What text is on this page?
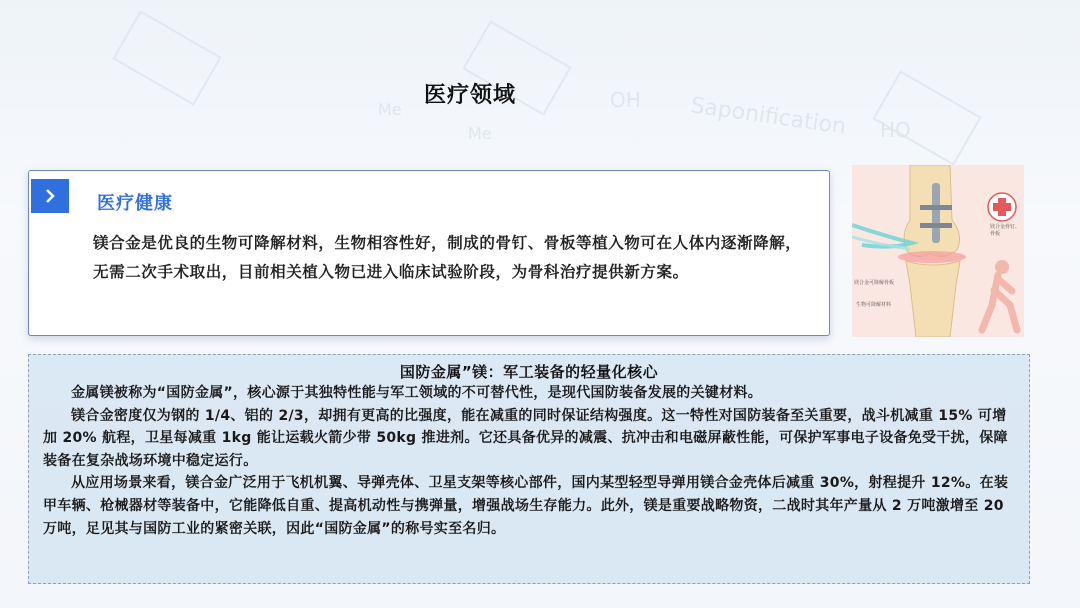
OH
Me
Me	Saponification HO
医疗领域
医疗健康
镁合金是优良的生物可降解材料，生物相容性好，制成的骨钉、骨板等植入物可在人体内逐渐降解，无需二次手术取出，目前相关植入物已进入临床试验阶段，为骨科治疗提供新方案。
镁合金骨钉、骨板
镁合金可降解骨板
生物可降解材料
国防金属”镁：军工装备的轻量化核心
金属镁被称为“国防金属”，核心源于其独特性能与军工领域的不可替代性，是现代国防装备发展的关键材料。
镁合金密度仅为钢的 1/4、铝的 2/3，却拥有更高的比强度，能在减重的同时保证结构强度。这一特性对国防装备至关重要，战斗机减重 15% 可增加 20% 航程，卫星每减重 1kg 能让运载火箭少带 50kg 推进剂。它还具备优异的减震、抗冲击和电磁屏蔽性能，可保护军事电子设备免受干扰，保障装备在复杂战场环境中稳定运行。
从应用场景来看，镁合金广泛用于飞机机翼、导弹壳体、卫星支架等核心部件，国内某型轻型导弹用镁合金壳体后减重 30%，射程提升 12%。在装甲车辆、枪械器材等装备中，它能降低自重、提高机动性与携弹量，增强战场生存能力。此外，镁是重要战略物资，二战时其年产量从 2 万吨激增至 20 万吨，足见其与国防工业的紧密关联，因此“国防金属”的称号实至名归。
